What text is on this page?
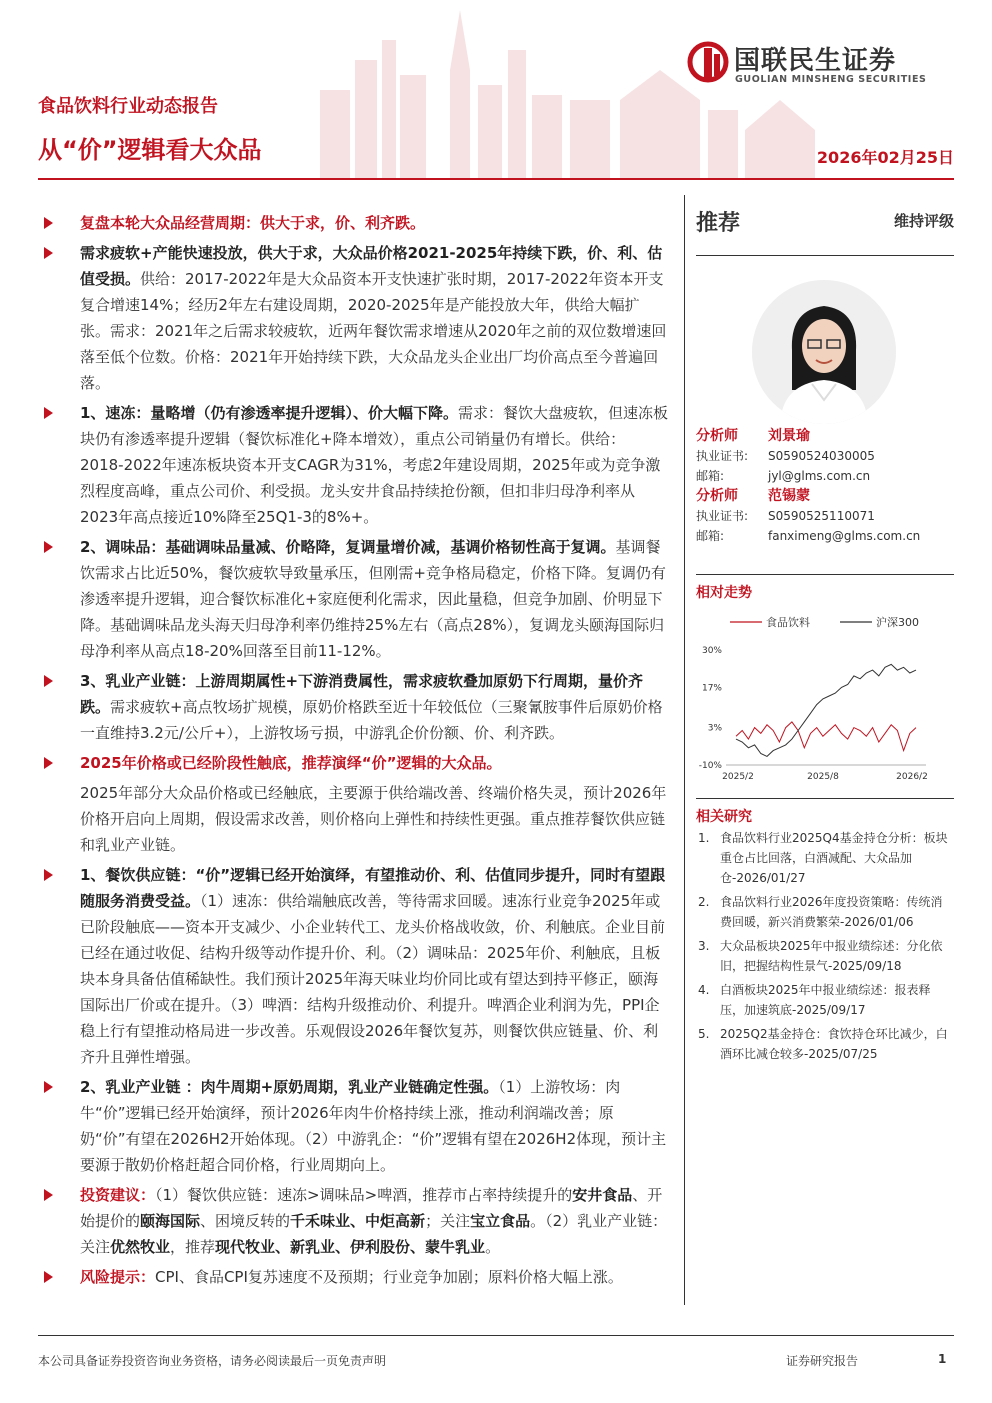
食品饮料行业动态报告
从“价”逻辑看大众品	2026年02月25日
国联民生证券
GUOLIAN MINSHENG SECURITIES
复盘本轮大众品经营周期：供大于求，价、利齐跌。
需求疲软+产能快速投放，供大于求，大众品价格2021-2025年持续下跌，价、利、估值受损。供给：2017-2022年是大众品资本开支快速扩张时期，2017-2022年资本开支复合增速14%；经历2年左右建设周期，2020-2025年是产能投放大年，供给大幅扩张。需求：2021年之后需求较疲软，近两年餐饮需求增速从2020年之前的双位数增速回落至低个位数。价格：2021年开始持续下跌，大众品龙头企业出厂均价高点至今普遍回落。
1、速冻：量略增（仍有渗透率提升逻辑）、价大幅下降。需求：餐饮大盘疲软，但速冻板块仍有渗透率提升逻辑（餐饮标准化+降本增效），重点公司销量仍有增长。供给：2018-2022年速冻板块资本开支CAGR为31%，考虑2年建设周期，2025年或为竞争激烈程度高峰，重点公司价、利受损。龙头安井食品持续抢份额，但扣非归母净利率从2023年高点接近10%降至25Q1-3的8%+。
2、调味品：基础调味品量减、价略降，复调量增价减，基调价格韧性高于复调。基调餐饮需求占比近50%，餐饮疲软导致量承压，但刚需+竞争格局稳定，价格下降。复调仍有渗透率提升逻辑，迎合餐饮标准化+家庭便利化需求，因此量稳，但竞争加剧、价明显下降。基础调味品龙头海天归母净利率仍维持25%左右（高点28%），复调龙头颐海国际归母净利率从高点18-20%回落至目前11-12%。
3、乳业产业链：上游周期属性+下游消费属性，需求疲软叠加原奶下行周期，量价齐跌。需求疲软+高点牧场扩规模，原奶价格跌至近十年较低位（三聚氰胺事件后原奶价格一直维持3.2元/公斤+），上游牧场亏损，中游乳企价份额、价、利齐跌。
2025年价格或已经阶段性触底，推荐演绎“价”逻辑的大众品。
2025年部分大众品价格或已经触底，主要源于供给端改善、终端价格失灵，预计2026年价格开启向上周期，假设需求改善，则价格向上弹性和持续性更强。重点推荐餐饮供应链和乳业产业链。
1、餐饮供应链：“价”逻辑已经开始演绎，有望推动价、利、估值同步提升，同时有望跟随服务消费受益。（1）速冻：供给端触底改善，等待需求回暖。速冻行业竞争2025年或已阶段触底——资本开支减少、小企业转代工、龙头价格战收敛，价、利触底。企业目前已经在通过收促、结构升级等动作提升价、利。（2）调味品：2025年价、利触底，且板块本身具备估值稀缺性。我们预计2025年海天味业均价同比或有望达到持平修正，颐海国际出厂价或在提升。（3）啤酒：结构升级推动价、利提升。啤酒企业利润为先，PPI企稳上行有望推动格局进一步改善。乐观假设2026年餐饮复苏，则餐饮供应链量、价、利齐升且弹性增强。
2、乳业产业链 ：肉牛周期+原奶周期，乳业产业链确定性强。（1）上游牧场：肉牛“价”逻辑已经开始演绎，预计2026年肉牛价格持续上涨，推动利润端改善；原奶“价”有望在2026H2开始体现。（2）中游乳企：“价”逻辑有望在2026H2体现，预计主要源于散奶价格赶超合同价格，行业周期向上。
投资建议：（1）餐饮供应链：速冻>调味品>啤酒，推荐市占率持续提升的安井食品、开始提价的颐海国际、困境反转的千禾味业、中炬高新；关注宝立食品。（2）乳业产业链：关注优然牧业，推荐现代牧业、新乳业、伊利股份、蒙牛乳业。
风险提示：CPI、食品CPI复苏速度不及预期；行业竞争加剧；原料价格大幅上涨。
推荐	维持评级
分析师	刘景瑜
执业证书:	S0590524030005
邮箱:	jyl@glms.com.cn
分析师	范锡蒙
执业证书:	S0590525110071
邮箱:	fanximeng@glms.com.cn
相对走势
食品饮料	沪深300
30%
17%
3%
-10%
2025/2	2025/8	2026/2
相关研究
1. 食品饮料行业2025Q4基金持仓分析：板块重仓占比回落，白酒减配、大众品加仓-2026/01/27
2. 食品饮料行业2026年度投资策略：传统消费回暖，新兴消费繁荣-2026/01/06
3. 大众品板块2025年中报业绩综述：分化依旧，把握结构性景气-2025/09/18
4. 白酒板块2025年中报业绩综述：报表释压，加速筑底-2025/09/17
5. 2025Q2基金持仓：食饮持仓环比减少，白酒环比减仓较多-2025/07/25
本公司具备证券投资咨询业务资格，请务必阅读最后一页免责声明	证券研究报告	1
